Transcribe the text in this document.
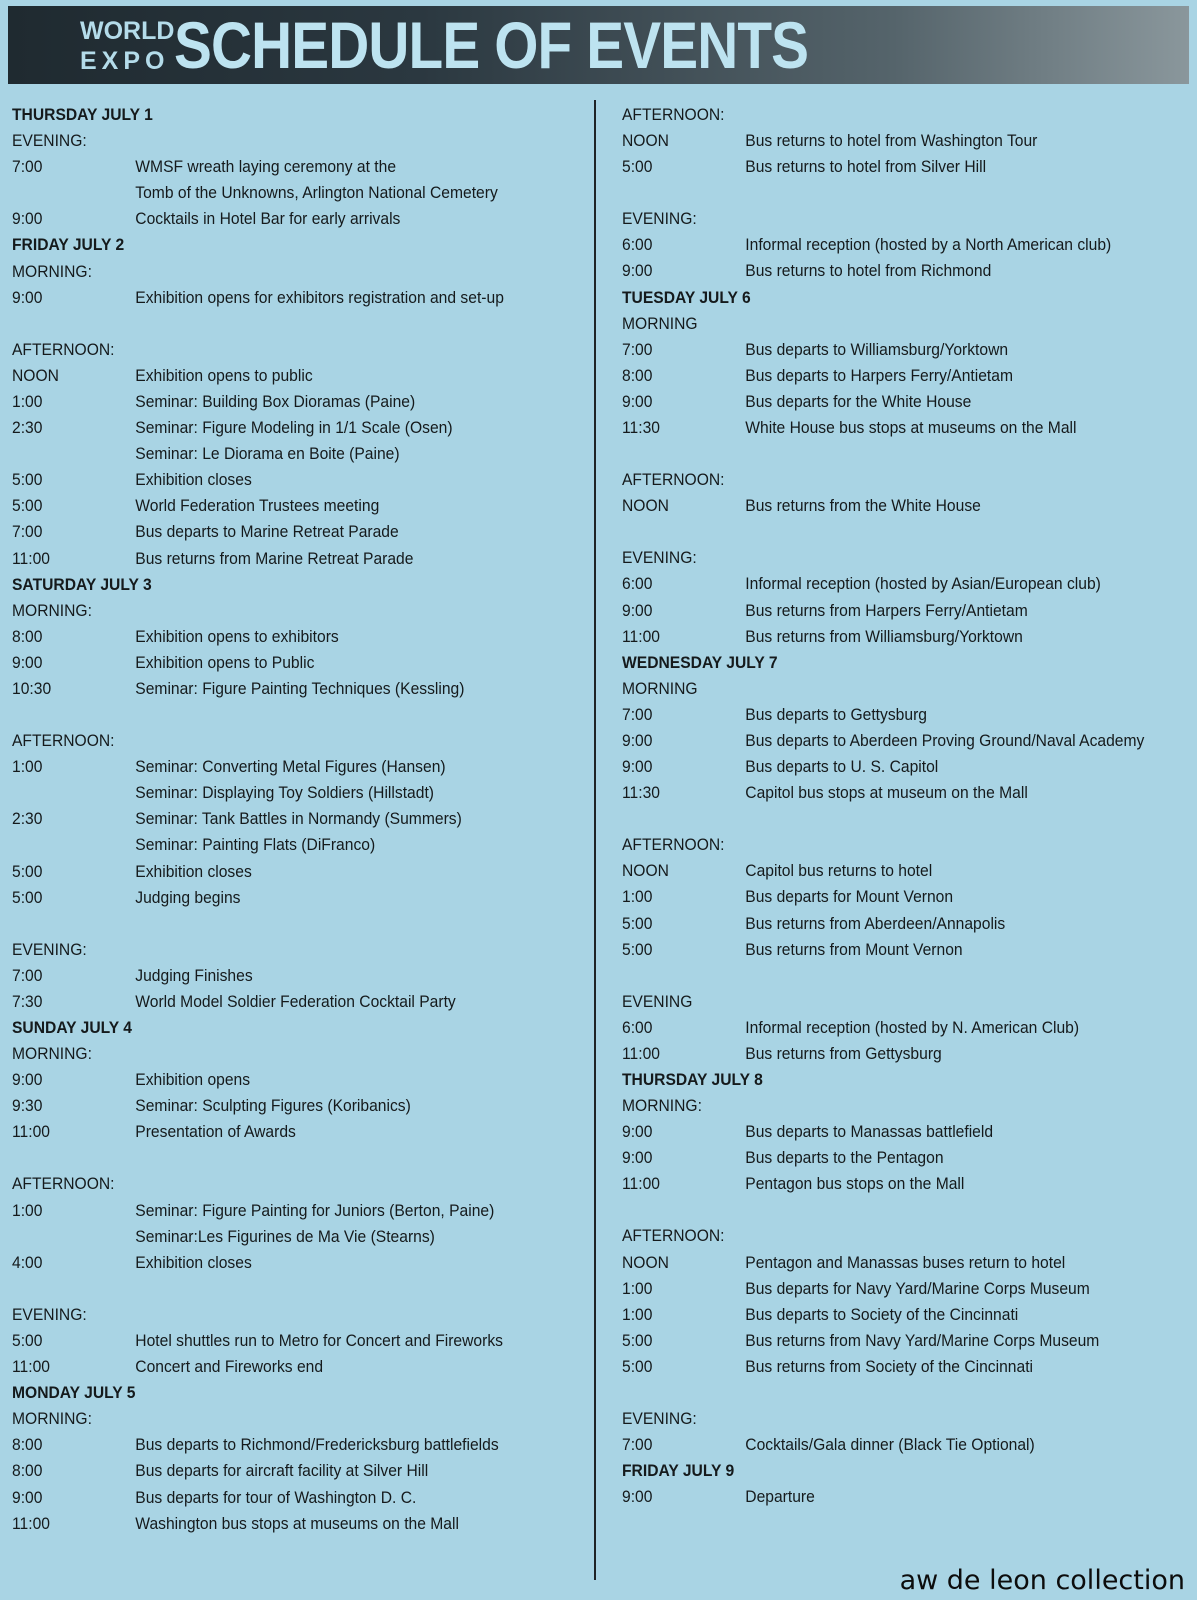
WORLD
EXPO SCHEDULE OF EVENTS
THURSDAY JULY 1
EVENING:
7:00	WMSF wreath laying ceremony at the
Tomb of the Unknowns, Arlington National Cemetery
9:00	Cocktails in Hotel Bar for early arrivals
FRIDAY JULY 2
MORNING:
9:00	Exhibition opens for exhibitors registration and set-up
AFTERNOON:
NOON	Exhibition opens to public
1:00	Seminar: Building Box Dioramas (Paine)
2:30	Seminar: Figure Modeling in 1/1 Scale (Osen)
Seminar: Le Diorama en Boite (Paine)
5:00	Exhibition closes
5:00	World Federation Trustees meeting
7:00	Bus departs to Marine Retreat Parade
11:00	Bus returns from Marine Retreat Parade
SATURDAY JULY 3
MORNING:
8:00	Exhibition opens to exhibitors
9:00	Exhibition opens to Public
10:30	Seminar: Figure Painting Techniques (Kessling)
AFTERNOON:
1:00	Seminar: Converting Metal Figures (Hansen)
Seminar: Displaying Toy Soldiers (Hillstadt)
2:30	Seminar: Tank Battles in Normandy (Summers)
Seminar: Painting Flats (DiFranco)
5:00	Exhibition closes
5:00	Judging begins
EVENING:
7:00	Judging Finishes
7:30	World Model Soldier Federation Cocktail Party
SUNDAY JULY 4
MORNING:
9:00	Exhibition opens
9:30	Seminar: Sculpting Figures (Koribanics)
11:00	Presentation of Awards
AFTERNOON:
1:00	Seminar: Figure Painting for Juniors (Berton, Paine)
Seminar:Les Figurines de Ma Vie (Stearns)
4:00	Exhibition closes
EVENING:
5:00	Hotel shuttles run to Metro for Concert and Fireworks
11:00	Concert and Fireworks end
MONDAY JULY 5
MORNING:
8:00	Bus departs to Richmond/Fredericksburg battlefields
8:00	Bus departs for aircraft facility at Silver Hill
9:00	Bus departs for tour of Washington D. C.
11:00	Washington bus stops at museums on the Mall
AFTERNOON:
NOON	Bus returns to hotel from Washington Tour
5:00	Bus returns to hotel from Silver Hill
EVENING:
6:00	Informal reception (hosted by a North American club)
9:00	Bus returns to hotel from Richmond
TUESDAY JULY 6
MORNING
7:00	Bus departs to Williamsburg/Yorktown
8:00	Bus departs to Harpers Ferry/Antietam
9:00	Bus departs for the White House
11:30	White House bus stops at museums on the Mall
AFTERNOON:
NOON	Bus returns from the White House
EVENING:
6:00	Informal reception (hosted by Asian/European club)
9:00	Bus returns from Harpers Ferry/Antietam
11:00	Bus returns from Williamsburg/Yorktown
WEDNESDAY JULY 7
MORNING
7:00	Bus departs to Gettysburg
9:00	Bus departs to Aberdeen Proving Ground/Naval Academy
9:00	Bus departs to U. S. Capitol
11:30	Capitol bus stops at museum on the Mall
AFTERNOON:
NOON	Capitol bus returns to hotel
1:00	Bus departs for Mount Vernon
5:00	Bus returns from Aberdeen/Annapolis
5:00	Bus returns from Mount Vernon
EVENING
6:00	Informal reception (hosted by N. American Club)
11:00	Bus returns from Gettysburg
THURSDAY JULY 8
MORNING:
9:00	Bus departs to Manassas battlefield
9:00	Bus departs to the Pentagon
11:00	Pentagon bus stops on the Mall
AFTERNOON:
NOON	Pentagon and Manassas buses return to hotel
1:00	Bus departs for Navy Yard/Marine Corps Museum
1:00	Bus departs to Society of the Cincinnati
5:00	Bus returns from Navy Yard/Marine Corps Museum
5:00	Bus returns from Society of the Cincinnati
EVENING:
7:00	Cocktails/Gala dinner (Black Tie Optional)
FRIDAY JULY 9
9:00	Departure
aw de leon collection
